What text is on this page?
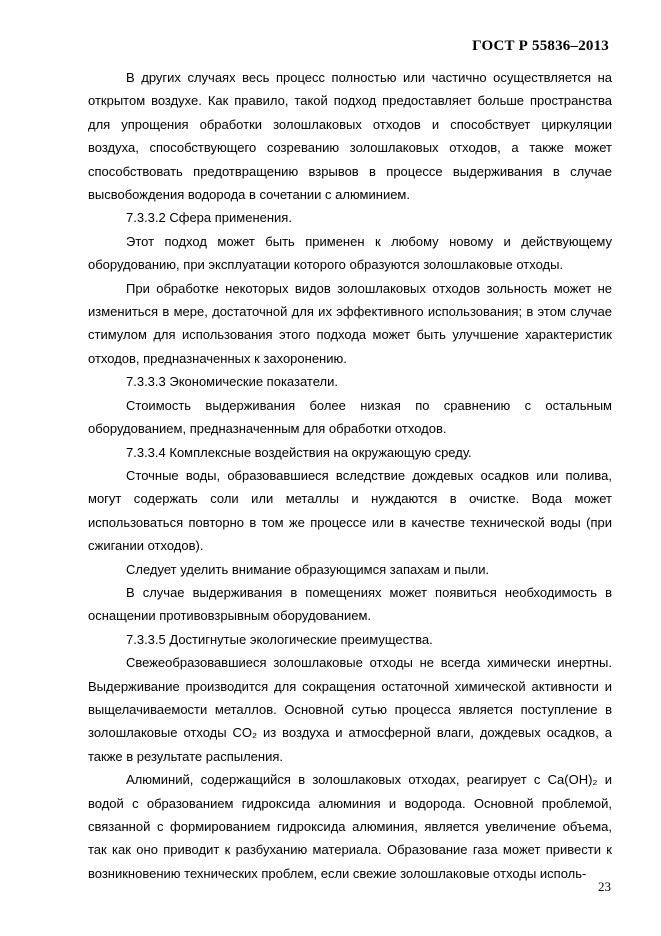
ГОСТ Р 55836–2013

В других случаях весь процесс полностью или частично осуществляется на открытом воздухе. Как правило, такой подход предоставляет больше пространства для упрощения обработки золошлаковых отходов и способствует циркуляции воздуха, способствующего созреванию золошлаковых отходов, а также может способствовать предотвращению взрывов в процессе выдерживания в случае высвобождения водорода в сочетании с алюминием.

7.3.3.2 Сфера применения.

Этот подход может быть применен к любому новому и действующему оборудованию, при эксплуатации которого образуются золошлаковые отходы.

При обработке некоторых видов золошлаковых отходов зольность может не измениться в мере, достаточной для их эффективного использования; в этом случае стимулом для использования этого подхода может быть улучшение характеристик отходов, предназначенных к захоронению.

7.3.3.3 Экономические показатели.

Стоимость выдерживания более низкая по сравнению с остальным оборудованием, предназначенным для обработки отходов.

7.3.3.4 Комплексные воздействия на окружающую среду.

Сточные воды, образовавшиеся вследствие дождевых осадков или полива, могут содержать соли или металлы и нуждаются в очистке. Вода может использоваться повторно в том же процессе или в качестве технической воды (при сжигании отходов).

Следует уделить внимание образующимся запахам и пыли.

В случае выдерживания в помещениях может появиться необходимость в оснащении противовзрывным оборудованием.

7.3.3.5 Достигнутые экологические преимущества.

Свежеобразовавшиеся золошлаковые отходы не всегда химически инертны. Выдерживание производится для сокращения остаточной химической активности и выщелачиваемости металлов. Основной сутью процесса является поступление в золошлаковые отходы CO₂ из воздуха и атмосферной влаги, дождевых осадков, а также в результате распыления.

Алюминий, содержащийся в золошлаковых отходах, реагирует с Ca(OH)₂ и водой с образованием гидроксида алюминия и водорода. Основной проблемой, связанной с формированием гидроксида алюминия, является увеличение объема, так как оно приводит к разбуханию материала. Образование газа может привести к возникновению технических проблем, если свежие золошлаковые отходы исполь-

23
